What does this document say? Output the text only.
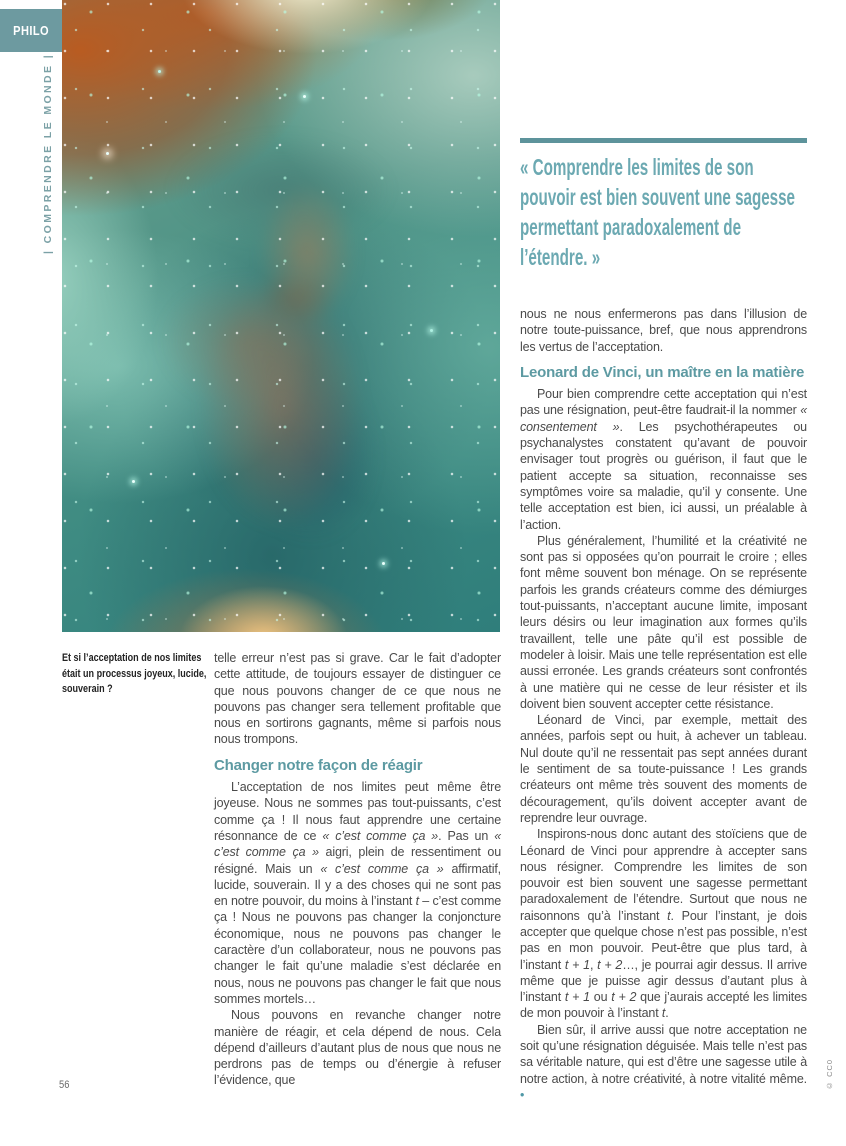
PHILO
| COMPRENDRE LE MONDE |
Et si l’acceptation de nos limites était un processus joyeux, lucide, souverain ?
« Comprendre les limites de son pouvoir est bien souvent une sagesse permettant paradoxalement de l’étendre. »

telle erreur n’est pas si grave. Car le fait d’adopter cette attitude, de toujours essayer de distinguer ce que nous pouvons changer de ce que nous ne pouvons pas changer sera tellement profitable que nous en sortirons gagnants, même si parfois nous nous trompons.

Changer notre façon de réagir

L’acceptation de nos limites peut même être joyeuse. Nous ne sommes pas tout-puissants, c’est comme ça ! Il nous faut apprendre une certaine résonnance de ce « c’est comme ça ». Pas un « c’est comme ça » aigri, plein de ressentiment ou résigné. Mais un « c’est comme ça » affirmatif, lucide, souverain. Il y a des choses qui ne sont pas en notre pouvoir, du moins à l’instant t – c’est comme ça ! Nous ne pouvons pas changer la conjoncture économique, nous ne pouvons pas changer le caractère d’un collaborateur, nous ne pouvons pas changer le fait qu’une maladie s’est déclarée en nous, nous ne pouvons pas changer le fait que nous sommes mortels…

Nous pouvons en revanche changer notre manière de réagir, et cela dépend de nous. Cela dépend d’ailleurs d’autant plus de nous que nous ne perdrons pas de temps ou d’énergie à refuser l’évidence, que

nous ne nous enfermerons pas dans l’illusion de notre toute-puissance, bref, que nous apprendrons les vertus de l’acceptation.

Leonard de Vinci, un maître en la matière

Pour bien comprendre cette acceptation qui n’est pas une résignation, peut-être faudrait-il la nommer « consentement ». Les psychothérapeutes ou psychanalystes constatent qu’avant de pouvoir envisager tout progrès ou guérison, il faut que le patient accepte sa situation, reconnaisse ses symptômes voire sa maladie, qu’il y consente. Une telle acceptation est bien, ici aussi, un préalable à l’action.

Plus généralement, l’humilité et la créativité ne sont pas si opposées qu’on pourrait le croire ; elles font même souvent bon ménage. On se représente parfois les grands créateurs comme des démiurges tout-puissants, n’acceptant aucune limite, imposant leurs désirs ou leur imagination aux formes qu’ils travaillent, telle une pâte qu’il est possible de modeler à loisir. Mais une telle représentation est elle aussi erronée. Les grands créateurs sont confrontés à une matière qui ne cesse de leur résister et ils doivent bien souvent accepter cette résistance.

Léonard de Vinci, par exemple, mettait des années, parfois sept ou huit, à achever un tableau. Nul doute qu’il ne ressentait pas sept années durant le sentiment de sa toute-puissance ! Les grands créateurs ont même très souvent des moments de découragement, qu’ils doivent accepter avant de reprendre leur ouvrage.

Inspirons-nous donc autant des stoïciens que de Léonard de Vinci pour apprendre à accepter sans nous résigner. Comprendre les limites de son pouvoir est bien souvent une sagesse permettant paradoxalement de l’étendre. Surtout que nous ne raisonnons qu’à l’instant t. Pour l’instant, je dois accepter que quelque chose n’est pas possible, n’est pas en mon pouvoir. Peut-être que plus tard, à l’instant t + 1, t + 2…, je pourrai agir dessus. Il arrive même que je puisse agir dessus d’autant plus à l’instant t + 1 ou t + 2 que j’aurais accepté les limites de mon pouvoir à l’instant t.

Bien sûr, il arrive aussi que notre acceptation ne soit qu’une résignation déguisée. Mais telle n’est pas sa véritable nature, qui est d’être une sagesse utile à notre action, à notre créativité, à notre vitalité même. •

56	© CC0
